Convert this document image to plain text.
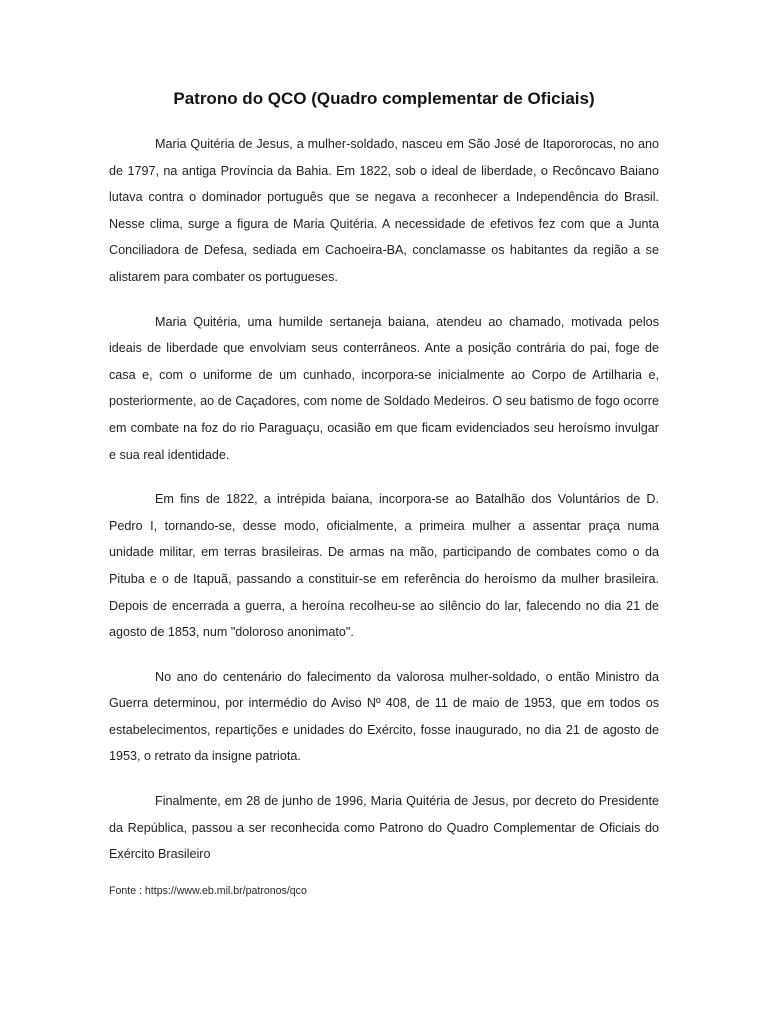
Patrono do QCO (Quadro complementar de Oficiais)

Maria Quitéria de Jesus, a mulher-soldado, nasceu em São José de Itapororocas, no ano de 1797, na antiga Província da Bahia. Em 1822, sob o ideal de liberdade, o Recôncavo Baiano lutava contra o dominador português que se negava a reconhecer a Independência do Brasil. Nesse clima, surge a figura de Maria Quitéria. A necessidade de efetivos fez com que a Junta Conciliadora de Defesa, sediada em Cachoeira-BA, conclamasse os habitantes da região a se alistarem para combater os portugueses.

Maria Quitéria, uma humilde sertaneja baiana, atendeu ao chamado, motivada pelos ideais de liberdade que envolviam seus conterrâneos. Ante a posição contrária do pai, foge de casa e, com o uniforme de um cunhado, incorpora-se inicialmente ao Corpo de Artilharia e, posteriormente, ao de Caçadores, com nome de Soldado Medeiros. O seu batismo de fogo ocorre em combate na foz do rio Paraguaçu, ocasião em que ficam evidenciados seu heroísmo invulgar e sua real identidade.

Em fins de 1822, a intrépida baiana, incorpora-se ao Batalhão dos Voluntários de D. Pedro I, tornando-se, desse modo, oficialmente, a primeira mulher a assentar praça numa unidade militar, em terras brasileiras. De armas na mão, participando de combates como o da Pituba e o de Itapuã, passando a constituir-se em referência do heroísmo da mulher brasileira. Depois de encerrada a guerra, a heroína recolheu-se ao silêncio do lar, falecendo no dia 21 de agosto de 1853, num "doloroso anonimato".

No ano do centenário do falecimento da valorosa mulher-soldado, o então Ministro da Guerra determinou, por intermédio do Aviso Nº 408, de 11 de maio de 1953, que em todos os estabelecimentos, repartições e unidades do Exército, fosse inaugurado, no dia 21 de agosto de 1953, o retrato da insigne patriota.

Finalmente, em 28 de junho de 1996, Maria Quitéria de Jesus, por decreto do Presidente da República, passou a ser reconhecida como Patrono do Quadro Complementar de Oficiais do Exército Brasileiro

Fonte : https://www.eb.mil.br/patronos/qco
